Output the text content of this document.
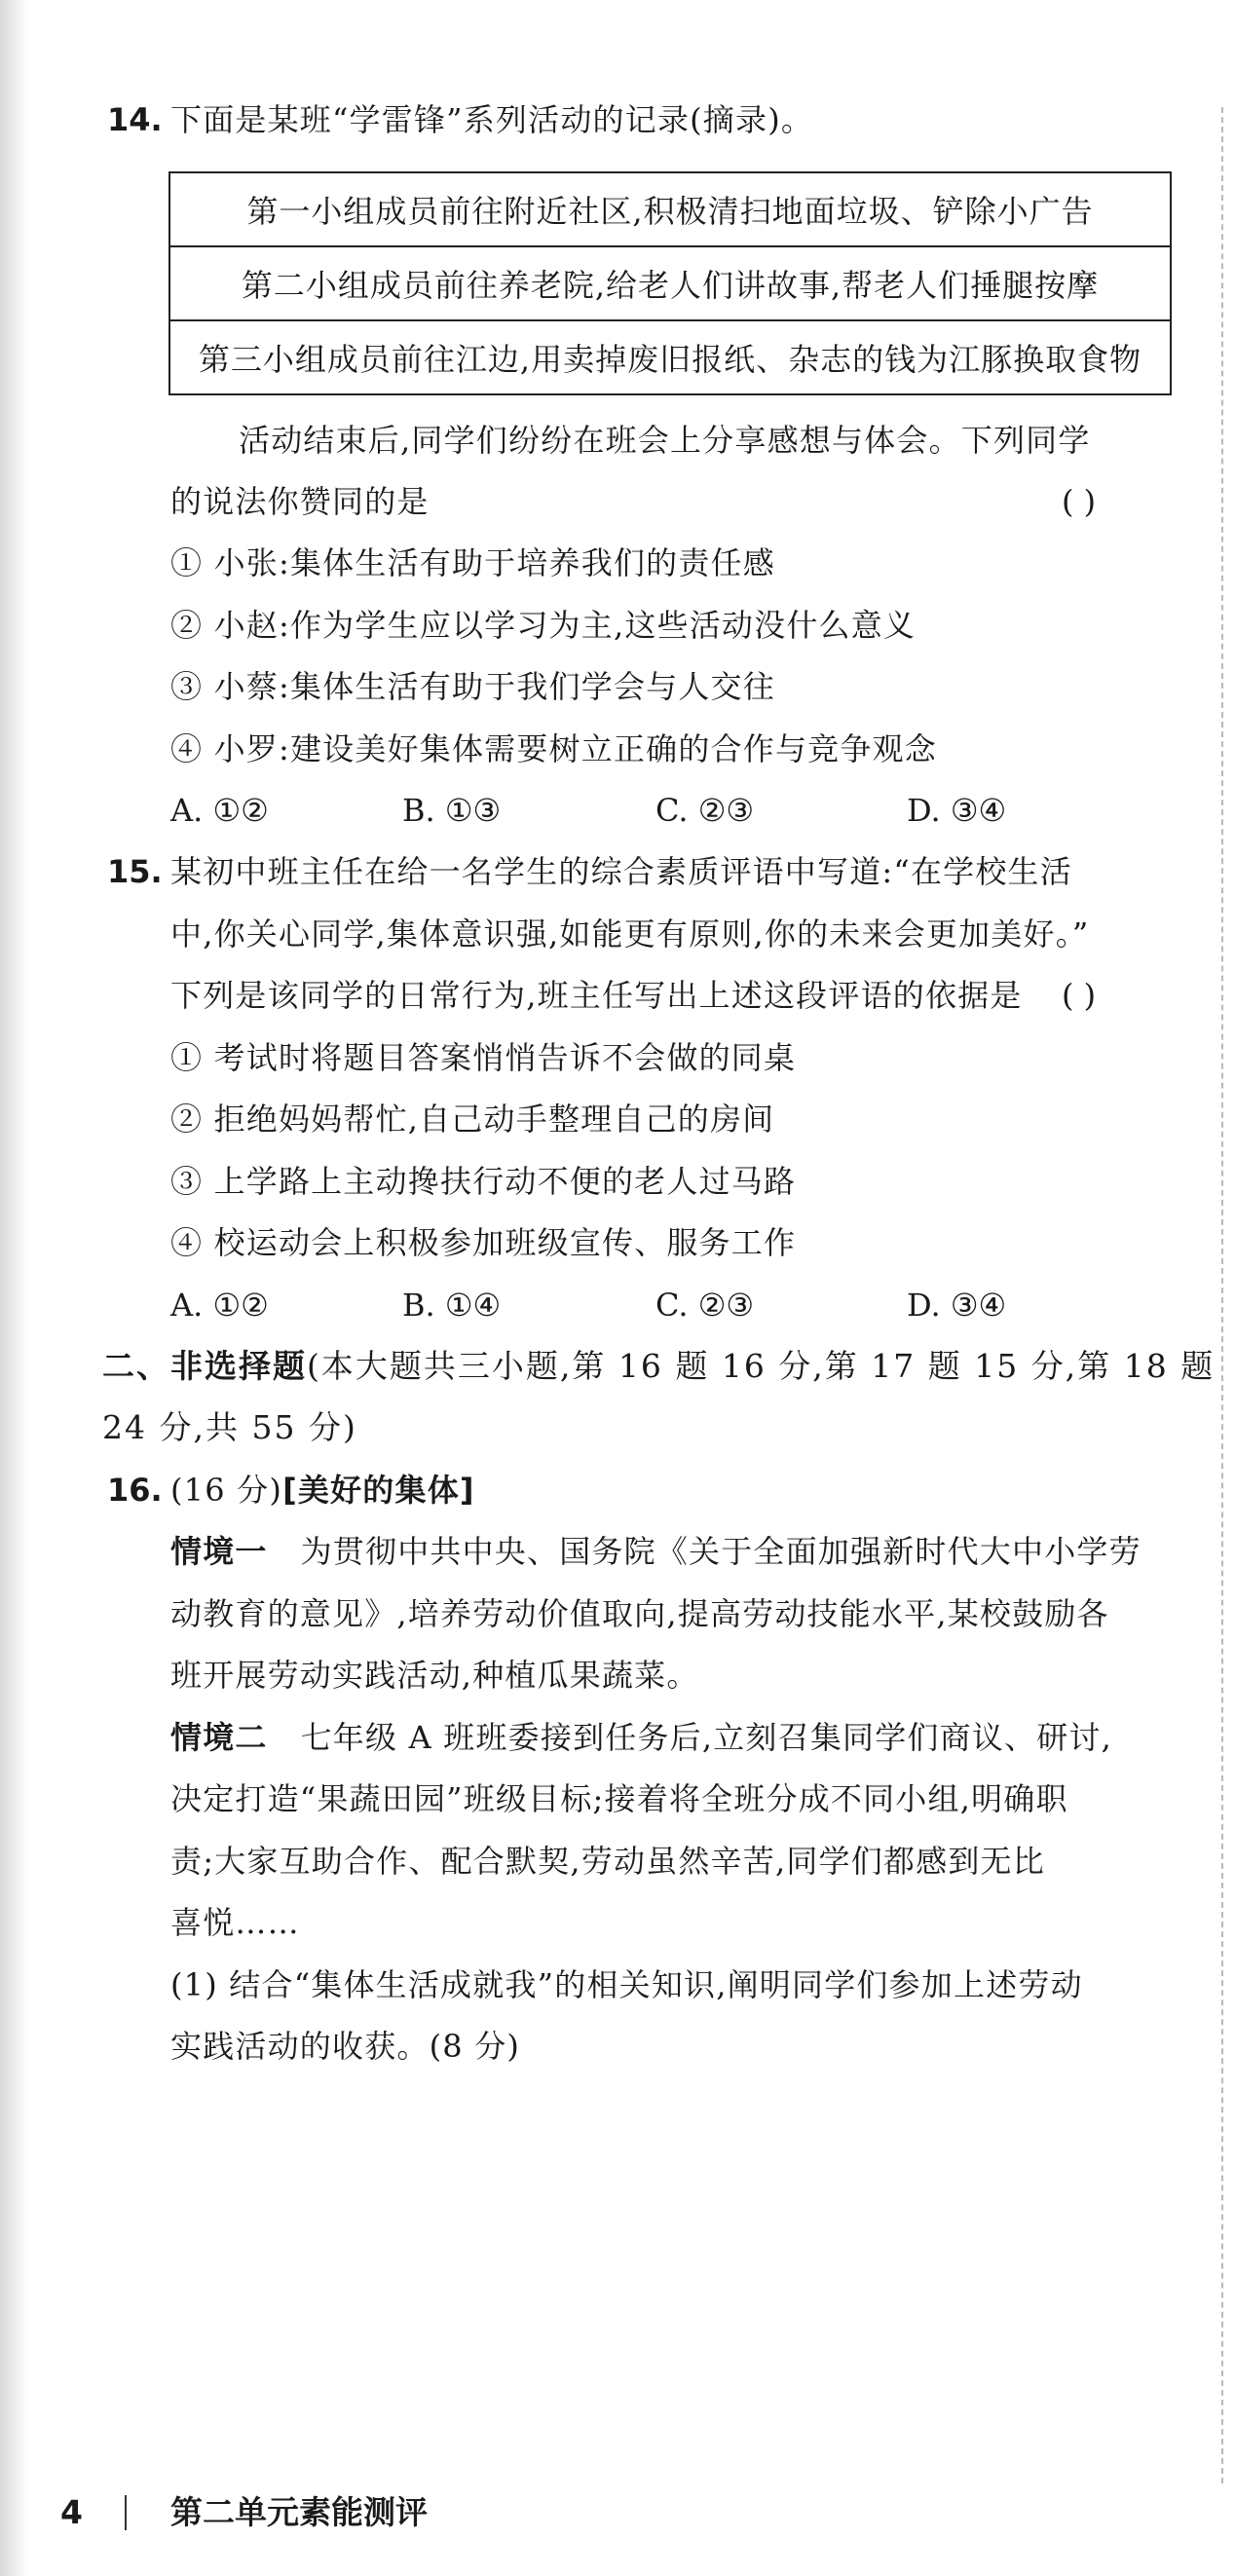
14. 下面是某班“学雷锋”系列活动的记录(摘录)。
第一小组成员前往附近社区,积极清扫地面垃圾、铲除小广告
第二小组成员前往养老院,给老人们讲故事,帮老人们捶腿按摩
第三小组成员前往江边,用卖掉废旧报纸、杂志的钱为江豚换取食物
活动结束后,同学们纷纷在班会上分享感想与体会。下列同学
的说法你赞同的是	( )
① 小张:集体生活有助于培养我们的责任感
② 小赵:作为学生应以学习为主,这些活动没什么意义
③ 小蔡:集体生活有助于我们学会与人交往
④ 小罗:建设美好集体需要树立正确的合作与竞争观念
A. ①②	B. ①③	C. ②③	D. ③④
15. 某初中班主任在给一名学生的综合素质评语中写道:“在学校生活
中,你关心同学,集体意识强,如能更有原则,你的未来会更加美好。”
下列是该同学的日常行为,班主任写出上述这段评语的依据是 ( )
① 考试时将题目答案悄悄告诉不会做的同桌
② 拒绝妈妈帮忙,自己动手整理自己的房间
③ 上学路上主动搀扶行动不便的老人过马路
④ 校运动会上积极参加班级宣传、服务工作
A. ①②	B. ①④	C. ②③	D. ③④
二、非选择题(本大题共三小题,第 16 题 16 分,第 17 题 15 分,第 18 题
24 分,共 55 分)
16. (16 分)[美好的集体]
情境一 为贯彻中共中央、国务院《关于全面加强新时代大中小学劳
动教育的意见》,培养劳动价值取向,提高劳动技能水平,某校鼓励各
班开展劳动实践活动,种植瓜果蔬菜。
情境二 七年级 A 班班委接到任务后,立刻召集同学们商议、研讨,
决定打造“果蔬田园”班级目标;接着将全班分成不同小组,明确职
责;大家互助合作、配合默契,劳动虽然辛苦,同学们都感到无比
喜悦……
(1) 结合“集体生活成就我”的相关知识,阐明同学们参加上述劳动
实践活动的收获。(8 分)
4	第二单元素能测评
